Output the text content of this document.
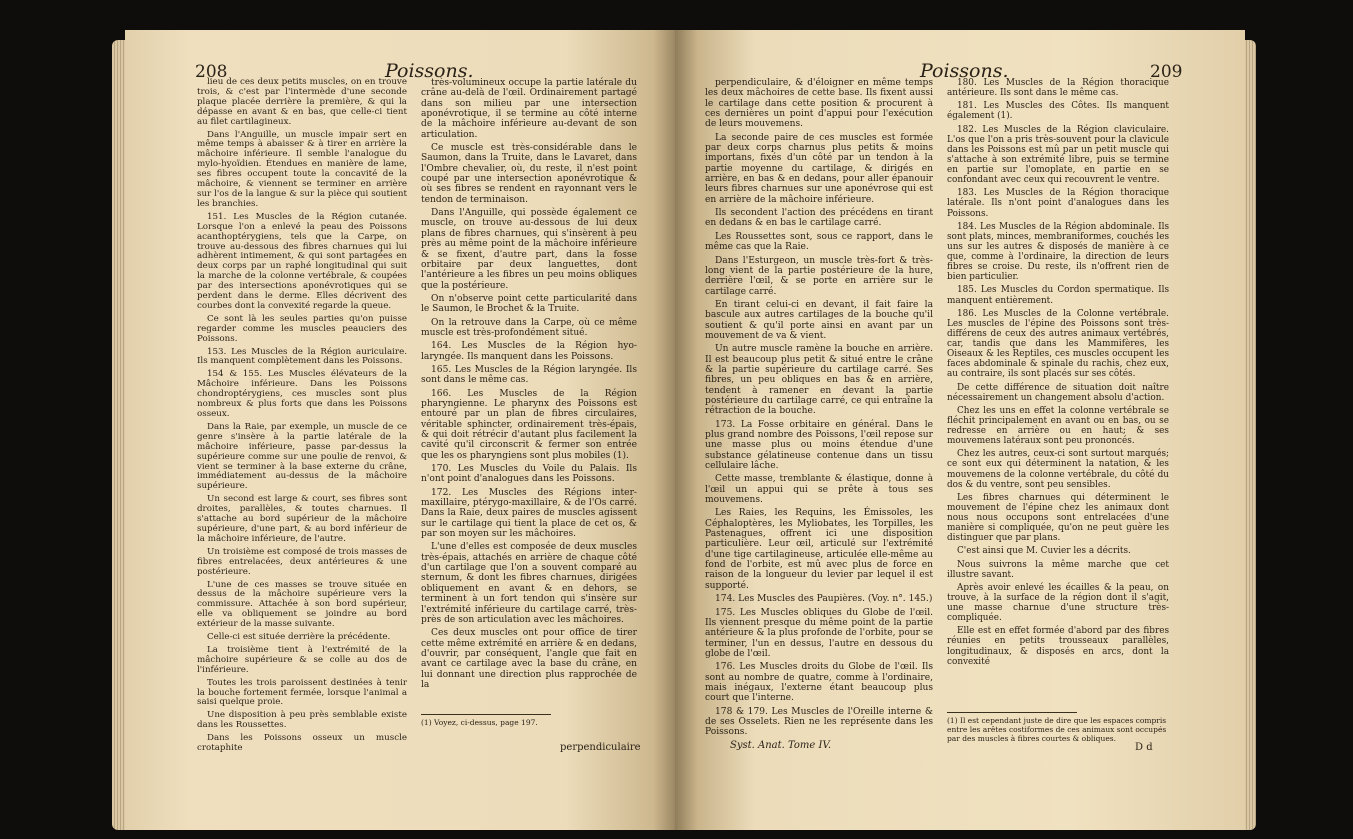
208	Poissons.

lieu de ces deux petits muscles, on en trouve trois, & c'est par l'intermède d'une seconde plaque placée derrière la première, & qui la dépasse en avant & en bas, que celle-ci tient au filet cartilagineux.

Dans l'Anguille, un muscle impair sert en même temps à abaisser & à tirer en arrière la mâchoire inférieure. Il semble l'analogue du mylo-hyoïdien. Étendues en manière de lame, ses fibres occupent toute la concavité de la mâchoire, & viennent se terminer en arrière sur l'os de la langue & sur la pièce qui soutient les branchies.

151. Les Muscles de la Région cutanée. Lorsque l'on a enlevé la peau des Poissons acanthoptérygiens, tels que la Carpe, on trouve au-dessous des fibres charnues qui lui adhèrent intimement, & qui sont partagées en deux corps par un raphé longitudinal qui suit la marche de la colonne vertébrale, & coupées par des intersections aponévrotiques qui se perdent dans le derme. Elles décrivent des courbes dont la convexité regarde la queue.

Ce sont là les seules parties qu'on puisse regarder comme les muscles peauciers des Poissons.

153. Les Muscles de la Région auriculaire. Ils manquent complètement dans les Poissons.

154 & 155. Les Muscles élévateurs de la Mâchoire inférieure. Dans les Poissons chondroptérygiens, ces muscles sont plus nombreux & plus forts que dans les Poissons osseux.

Dans la Raie, par exemple, un muscle de ce genre s'insère à la partie latérale de la mâchoire inférieure, passe par-dessus la supérieure comme sur une poulie de renvoi, & vient se terminer à la base externe du crâne, immédiatement au-dessus de la mâchoire supérieure.

Un second est large & court, ses fibres sont droites, parallèles, & toutes charnues. Il s'attache au bord supérieur de la mâchoire supérieure, d'une part, & au bord inférieur de la mâchoire inférieure, de l'autre.

Un troisième est composé de trois masses de fibres entrelacées, deux antérieures & une postérieure.

L'une de ces masses se trouve située en dessus de la mâchoire supérieure vers la commissure. Attachée à son bord supérieur, elle va obliquement se joindre au bord extérieur de la masse suivante.

Celle-ci est située derrière la précédente.

La troisième tient à l'extrémité de la mâchoire supérieure & se colle au dos de l'inférieure.

Toutes les trois paroissent destinées à tenir la bouche fortement fermée, lorsque l'animal a saisi quelque proie.

Une disposition à peu près semblable existe dans les Roussettes.

Dans les Poissons osseux un muscle crotaphite

très-volumineux occupe la partie latérale du crâne au-delà de l'œil. Ordinairement partagé dans son milieu par une intersection aponévrotique, il se termine au côté interne de la mâchoire inférieure au-devant de son articulation.

Ce muscle est très-considérable dans le Saumon, dans la Truite, dans le Lavaret, dans l'Ombre chevalier, où, du reste, il n'est point coupé par une intersection aponévrotique & où ses fibres se rendent en rayonnant vers le tendon de terminaison.

Dans l'Anguille, qui possède également ce muscle, on trouve au-dessous de lui deux plans de fibres charnues, qui s'insèrent à peu près au même point de la mâchoire inférieure & se fixent, d'autre part, dans la fosse orbitaire par deux languettes, dont l'antérieure a les fibres un peu moins obliques que la postérieure.

On n'observe point cette particularité dans le Saumon, le Brochet & la Truite.

On la retrouve dans la Carpe, où ce même muscle est très-profondément situé.

164. Les Muscles de la Région hyo-laryngée. Ils manquent dans les Poissons.

165. Les Muscles de la Région laryngée. Ils sont dans le même cas.

166. Les Muscles de la Région pharyngienne. Le pharynx des Poissons est entouré par un plan de fibres circulaires, véritable sphincter, ordinairement très-épais, & qui doit rétrécir d'autant plus facilement la cavité qu'il circonscrit & fermer son entrée que les os pharyngiens sont plus mobiles (1).

170. Les Muscles du Voile du Palais. Ils n'ont point d'analogues dans les Poissons.

172. Les Muscles des Régions inter-maxillaire, ptérygo-maxillaire, & de l'Os carré. Dans la Raie, deux paires de muscles agissent sur le cartilage qui tient la place de cet os, & par son moyen sur les mâchoires.

L'une d'elles est composée de deux muscles très-épais, attachés en arrière de chaque côté d'un cartilage que l'on a souvent comparé au sternum, & dont les fibres charnues, dirigées obliquement en avant & en dehors, se terminent à un fort tendon qui s'insère sur l'extrémité inférieure du cartilage carré, très-près de son articulation avec les mâchoires.

Ces deux muscles ont pour office de tirer cette même extrémité en arrière & en dedans, d'ouvrir, par conséquent, l'angle que fait en avant ce cartilage avec la base du crâne, en lui donnant une direction plus rapprochée de la

(1) Voyez, ci-dessus, page 197.
perpendiculaire
Poissons.	209

perpendiculaire, & d'éloigner en même temps les deux mâchoires de cette base. Ils fixent aussi le cartilage dans cette position & procurent à ces dernières un point d'appui pour l'exécution de leurs mouvemens.

La seconde paire de ces muscles est formée par deux corps charnus plus petits & moins importans, fixés d'un côté par un tendon à la partie moyenne du cartilage, & dirigés en arrière, en bas & en dedans, pour aller épanouir leurs fibres charnues sur une aponévrose qui est en arrière de la mâchoire inférieure.

Ils secondent l'action des précédens en tirant en dedans & en bas le cartilage carré.

Les Roussettes sont, sous ce rapport, dans le même cas que la Raie.

Dans l'Esturgeon, un muscle très-fort & très-long vient de la partie postérieure de la hure, derrière l'œil, & se porte en arrière sur le cartilage carré.

En tirant celui-ci en devant, il fait faire la bascule aux autres cartilages de la bouche qu'il soutient & qu'il porte ainsi en avant par un mouvement de va & vient.

Un autre muscle ramène la bouche en arrière. Il est beaucoup plus petit & situé entre le crâne & la partie supérieure du cartilage carré. Ses fibres, un peu obliques en bas & en arrière, tendent à ramener en devant la partie postérieure du cartilage carré, ce qui entraîne la rétraction de la bouche.

173. La Fosse orbitaire en général. Dans le plus grand nombre des Poissons, l'œil repose sur une masse plus ou moins étendue d'une substance gélatineuse contenue dans un tissu cellulaire lâche.

Cette masse, tremblante & élastique, donne à l'œil un appui qui se prête à tous ses mouvemens.

Les Raies, les Requins, les Émissoles, les Céphaloptères, les Myliobates, les Torpilles, les Pastenagues, offrent ici une disposition particulière. Leur œil, articulé sur l'extrémité d'une tige cartilagineuse, articulée elle-même au fond de l'orbite, est mû avec plus de force en raison de la longueur du levier par lequel il est supporté.

174. Les Muscles des Paupières. (Voy. n°. 145.)

175. Les Muscles obliques du Globe de l'œil. Ils viennent presque du même point de la partie antérieure & la plus profonde de l'orbite, pour se terminer, l'un en dessus, l'autre en dessous du globe de l'œil.

176. Les Muscles droits du Globe de l'œil. Ils sont au nombre de quatre, comme à l'ordinaire, mais inégaux, l'externe étant beaucoup plus court que l'interne.

178 & 179. Les Muscles de l'Oreille interne & de ses Osselets. Rien ne les représente dans les Poissons.

Syst. Anat. Tome IV.

180. Les Muscles de la Région thoracique antérieure. Ils sont dans le même cas.

181. Les Muscles des Côtes. Ils manquent également (1).

182. Les Muscles de la Région claviculaire. L'os que l'on a pris très-souvent pour la clavicule dans les Poissons est mû par un petit muscle qui s'attache à son extrémité libre, puis se termine en partie sur l'omoplate, en partie en se confondant avec ceux qui recouvrent le ventre.

183. Les Muscles de la Région thoracique latérale. Ils n'ont point d'analogues dans les Poissons.

184. Les Muscles de la Région abdominale. Ils sont plats, minces, membraniformes, couchés les uns sur les autres & disposés de manière à ce que, comme à l'ordinaire, la direction de leurs fibres se croise. Du reste, ils n'offrent rien de bien particulier.

185. Les Muscles du Cordon spermatique. Ils manquent entièrement.

186. Les Muscles de la Colonne vertébrale. Les muscles de l'épine des Poissons sont très-différens de ceux des autres animaux vertébrés, car, tandis que dans les Mammifères, les Oiseaux & les Reptiles, ces muscles occupent les faces abdominale & spinale du rachis, chez eux, au contraire, ils sont placés sur ses côtés.

De cette différence de situation doit naître nécessairement un changement absolu d'action.

Chez les uns en effet la colonne vertébrale se fléchit principalement en avant ou en bas, ou se redresse en arrière ou en haut; & ses mouvemens latéraux sont peu prononcés.

Chez les autres, ceux-ci sont surtout marqués; ce sont eux qui déterminent la natation, & les mouvemens de la colonne vertébrale, du côté du dos & du ventre, sont peu sensibles.

Les fibres charnues qui déterminent le mouvement de l'épine chez les animaux dont nous nous occupons sont entrelacées d'une manière si compliquée, qu'on ne peut guère les distinguer que par plans.

C'est ainsi que M. Cuvier les a décrits.

Nous suivrons la même marche que cet illustre savant.

Après avoir enlevé les écailles & la peau, on trouve, à la surface de la région dont il s'agit, une masse charnue d'une structure très-compliquée.

Elle est en effet formée d'abord par des fibres réunies en petits trousseaux parallèles, longitudinaux, & disposés en arcs, dont la convexité

(1) Il est cependant juste de dire que les espaces compris entre les arêtes costiformes de ces animaux sont occupés par des muscles à fibres courtes & obliques.
D d
